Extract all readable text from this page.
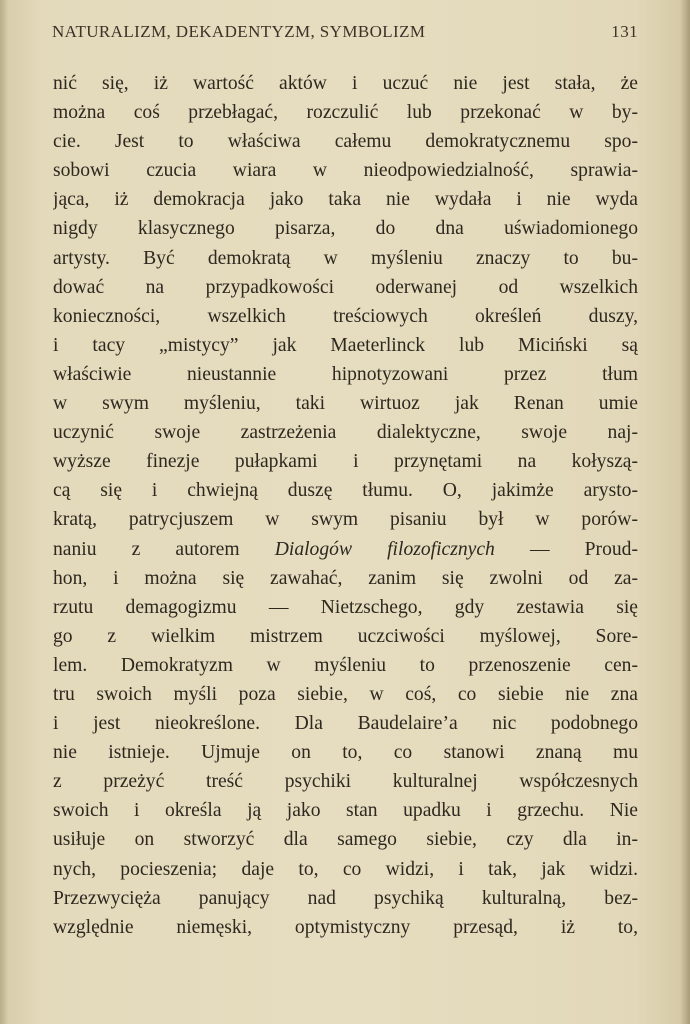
NATURALIZM, DEKADENTYZM, SYMBOLIZM	131
nić się, iż wartość aktów i uczuć nie jest stała, że
można coś przebłagać, rozczulić lub przekonać w by-
cie. Jest to właściwa całemu demokratycznemu spo-
sobowi czucia wiara w nieodpowiedzialność, sprawia-
jąca, iż demokracja jako taka nie wydała i nie wyda
nigdy klasycznego pisarza, do dna uświadomionego
artysty. Być demokratą w myśleniu znaczy to bu-
dować na przypadkowości oderwanej od wszelkich
konieczności, wszelkich treściowych określeń duszy,
i tacy „mistycy” jak Maeterlinck lub Miciński są
właściwie nieustannie hipnotyzowani przez tłum
w swym myśleniu, taki wirtuoz jak Renan umie
uczynić swoje zastrzeżenia dialektyczne, swoje naj-
wyższe finezje pułapkami i przynętami na kołyszą-
cą się i chwiejną duszę tłumu. O, jakimże arysto-
kratą, patrycjuszem w swym pisaniu był w porów-
naniu z autorem Dialogów filozoficznych — Proud-
hon, i można się zawahać, zanim się zwolni od za-
rzutu demagogizmu — Nietzschego, gdy zestawia się
go z wielkim mistrzem uczciwości myślowej, Sore-
lem. Demokratyzm w myśleniu to przenoszenie cen-
tru swoich myśli poza siebie, w coś, co siebie nie zna
i jest nieokreślone. Dla Baudelaire’a nic podobnego
nie istnieje. Ujmuje on to, co stanowi znaną mu
z przeżyć treść psychiki kulturalnej współczesnych
swoich i określa ją jako stan upadku i grzechu. Nie
usiłuje on stworzyć dla samego siebie, czy dla in-
nych, pocieszenia; daje to, co widzi, i tak, jak widzi.
Przezwycięża panujący nad psychiką kulturalną, bez-
względnie niemęski, optymistyczny przesąd, iż to,
